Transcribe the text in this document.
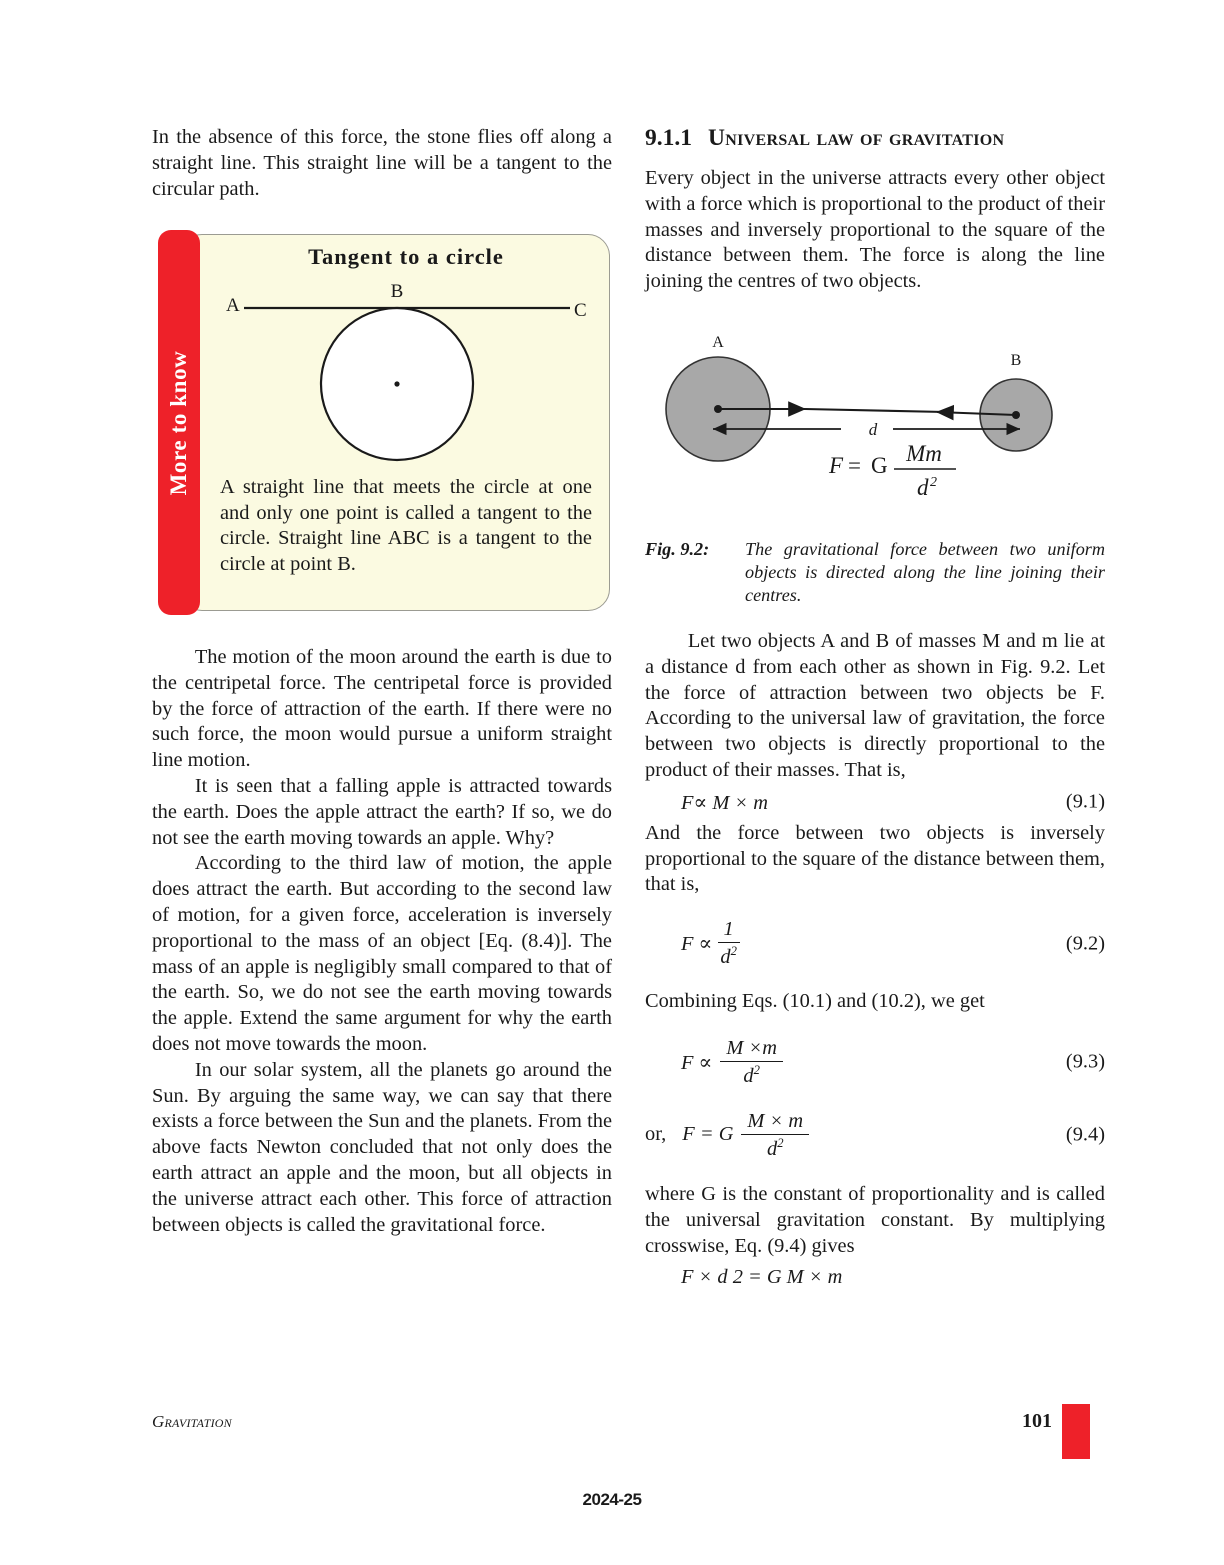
In the absence of this force, the stone flies off along a straight line. This straight line will be a tangent to the circular path.

More to know
Tangent to a circle
A
B
C
A straight line that meets the circle at one and only one point is called a tangent to the circle. Straight line ABC is a tangent to the circle at point B.

The motion of the moon around the earth is due to the centripetal force. The centripetal force is provided by the force of attraction of the earth. If there were no such force, the moon would pursue a uniform straight line motion.

It is seen that a falling apple is attracted towards the earth. Does the apple attract the earth? If so, we do not see the earth moving towards an apple. Why?

According to the third law of motion, the apple does attract the earth. But according to the second law of motion, for a given force, acceleration is inversely proportional to the mass of an object [Eq. (8.4)]. The mass of an apple is negligibly small compared to that of the earth. So, we do not see the earth moving towards the apple. Extend the same argument for why the earth does not move towards the moon.

In our solar system, all the planets go around the Sun. By arguing the same way, we can say that there exists a force between the Sun and the planets. From the above facts Newton concluded that not only does the earth attract an apple and the moon, but all objects in the universe attract each other. This force of attraction between objects is called the gravitational force.

9.1.1 Universal law of gravitation

Every object in the universe attracts every other object with a force which is proportional to the product of their masses and inversely proportional to the square of the distance between them. The force is along the line joining the centres of two objects.

A
B
d
F = G Mm
d 2
Fig. 9.2:	The gravitational force between two uniform objects is directed along the line joining their centres.

Let two objects A and B of masses M and m lie at a distance d from each other as shown in Fig. 9.2. Let the force of attraction between two objects be F. According to the universal law of gravitation, the force between two objects is directly proportional to the product of their masses. That is,

F∝ M × m	(9.1)

And the force between two objects is inversely proportional to the square of the distance between them, that is,

$F \propto \frac{1}{d^2}$	(9.2)

Combining Eqs. (10.1) and (10.2), we get

$F \propto \frac{M \times m}{d^2}$	(9.3)
or, F = G $\frac{M \times m}{d^2}$	(9.4)

where G is the constant of proportionality and is called the universal gravitation constant. By multiplying crosswise, Eq. (9.4) gives

F × d 2 = G M × m
Gravitation	101
2024-25
